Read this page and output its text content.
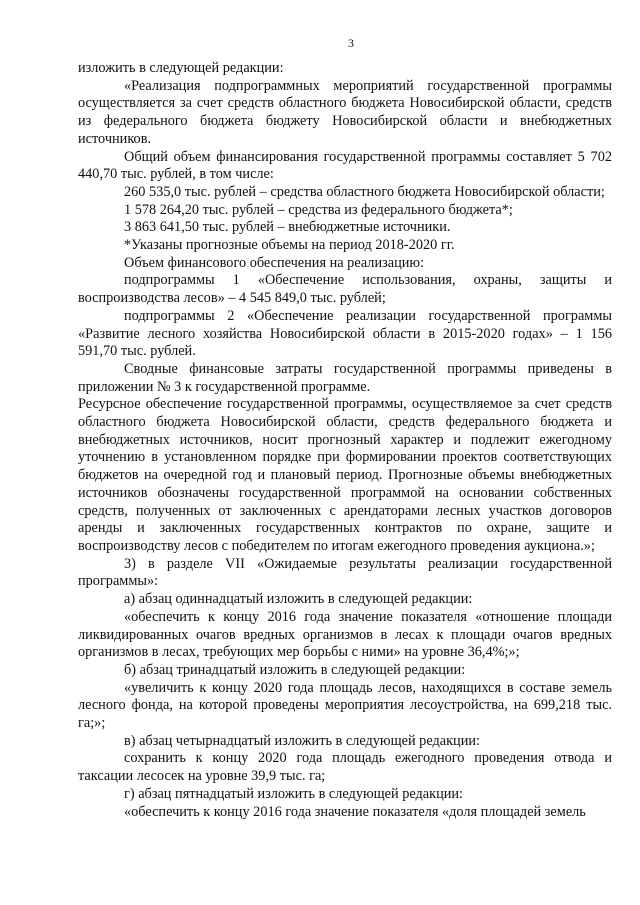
3

изложить в следующей редакции:

«Реализация подпрограммных мероприятий государственной программы осуществляется за счет средств областного бюджета Новосибирской области, средств из федерального бюджета бюджету Новосибирской области и внебюджетных источников.

Общий объем финансирования государственной программы составляет 5 702 440,70 тыс. рублей, в том числе:

260 535,0 тыс. рублей – средства областного бюджета Новосибирской области;

1 578 264,20 тыс. рублей – средства из федерального бюджета*;

3 863 641,50 тыс. рублей – внебюджетные источники.

*Указаны прогнозные объемы на период 2018-2020 гг.

Объем финансового обеспечения на реализацию:

подпрограммы 1 «Обеспечение использования, охраны, защиты и воспроизводства лесов» – 4 545 849,0 тыс. рублей;

подпрограммы 2 «Обеспечение реализации государственной программы «Развитие лесного хозяйства Новосибирской области в 2015-2020 годах» – 1 156 591,70 тыс. рублей.

Сводные финансовые затраты государственной программы приведены в приложении № 3 к государственной программе.

Ресурсное обеспечение государственной программы, осуществляемое за счет средств областного бюджета Новосибирской области, средств федерального бюджета и внебюджетных источников, носит прогнозный характер и подлежит ежегодному уточнению в установленном порядке при формировании проектов соответствующих бюджетов на очередной год и плановый период. Прогнозные объемы внебюджетных источников обозначены государственной программой на основании собственных средств, полученных от заключенных с арендаторами лесных участков договоров аренды и заключенных государственных контрактов по охране, защите и воспроизводству лесов с победителем по итогам ежегодного проведения аукциона.»;

3) в разделе VII «Ожидаемые результаты реализации государственной программы»:

а) абзац одиннадцатый изложить в следующей редакции:

«обеспечить к концу 2016 года значение показателя «отношение площади ликвидированных очагов вредных организмов в лесах к площади очагов вредных организмов в лесах, требующих мер борьбы с ними» на уровне 36,4%;»;

б) абзац тринадцатый изложить в следующей редакции:

«увеличить к концу 2020 года площадь лесов, находящихся в составе земель лесного фонда, на которой проведены мероприятия лесоустройства, на 699,218 тыс. га;»;

в) абзац четырнадцатый изложить в следующей редакции:

сохранить к концу 2020 года площадь ежегодного проведения отвода и таксации лесосек на уровне 39,9 тыс. га;

г) абзац пятнадцатый изложить в следующей редакции:

«обеспечить к концу 2016 года значение показателя «доля площадей земель
